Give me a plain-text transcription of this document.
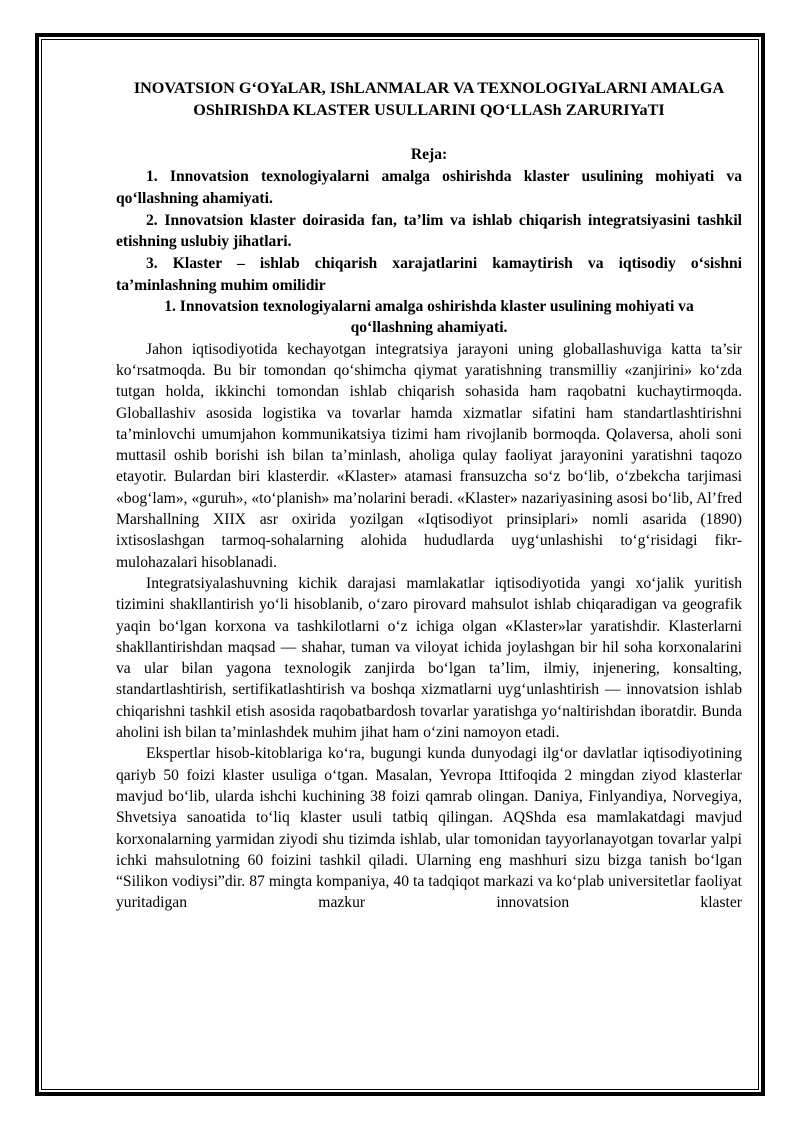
INOVATSION G‘OYaLAR, IShLANMALAR VA TEXNOLOGIYaLARNI AMALGA OShIRIShDA KLASTER USULLARINI QO‘LLASh ZARURIYaTI
Reja:
1. Innovatsion texnologiyalarni amalga oshirishda klaster usulining mohiyati va qo‘llashning ahamiyati.
2. Innovatsion klaster doirasida fan, ta’lim va ishlab chiqarish integratsiyasini tashkil etishning uslubiy jihatlari.
3. Klaster – ishlab chiqarish xarajatlarini kamaytirish va iqtisodiy o‘sishni ta’minlashning muhim omilidir
1. Innovatsion texnologiyalarni amalga oshirishda klaster usulining mohiyati va qo‘llashning ahamiyati.
Jahon iqtisodiyotida kechayotgan integratsiya jarayoni uning globallashuviga katta ta’sir ko‘rsatmoqda. Bu bir tomondan qo‘shimcha qiymat yaratishning transmilliy «zanjirini» ko‘zda tutgan holda, ikkinchi tomondan ishlab chiqarish sohasida ham raqobatni kuchaytirmoqda. Globallashiv asosida logistika va tovarlar hamda xizmatlar sifatini ham standartlashtirishni ta’minlovchi umumjahon kommunikatsiya tizimi ham rivojlanib bormoqda. Qolaversa, aholi soni muttasil oshib borishi ish bilan ta’minlash, aholiga qulay faoliyat jarayonini yaratishni taqozo etayotir. Bulardan biri klasterdir. «Klaster» atamasi fransuzcha so‘z bo‘lib, o‘zbekcha tarjimasi «bog‘lam», «guruh», «to‘planish» ma’nolarini beradi. «Klaster» nazariyasining asosi bo‘lib, Al’fred Marshallning XIIX asr oxirida yozilgan «Iqtisodiyot prinsiplari» nomli asarida (1890) ixtisoslashgan tarmoq-sohalarning alohida hududlarda uyg‘unlashishi to‘g‘risidagi fikr-mulohazalari hisoblanadi.
Integratsiyalashuvning kichik darajasi mamlakatlar iqtisodiyotida yangi xo‘jalik yuritish tizimini shakllantirish yo‘li hisoblanib, o‘zaro pirovard mahsulot ishlab chiqaradigan va geografik yaqin bo‘lgan korxona va tashkilotlarni o‘z ichiga olgan «Klaster»lar yaratishdir. Klasterlarni shakllantirishdan maqsad — shahar, tuman va viloyat ichida joylashgan bir hil soha korxonalarini va ular bilan yagona texnologik zanjirda bo‘lgan ta’lim, ilmiy, injenering, konsalting, standartlashtirish, sertifikatlashtirish va boshqa xizmatlarni uyg‘unlashtirish — innovatsion ishlab chiqarishni tashkil etish asosida raqobatbardosh tovarlar yaratishga yo‘naltirishdan iboratdir. Bunda aholini ish bilan ta’minlashdek muhim jihat ham o‘zini namoyon etadi.
Ekspertlar hisob-kitoblariga ko‘ra, bugungi kunda dunyodagi ilg‘or davlatlar iqtisodiyotining qariyb 50 foizi klaster usuliga o‘tgan. Masalan, Yevropa Ittifoqida 2 mingdan ziyod klasterlar mavjud bo‘lib, ularda ishchi kuchining 38 foizi qamrab olingan. Daniya, Finlyandiya, Norvegiya, Shvetsiya sanoatida to‘liq klaster usuli tatbiq qilingan. AQShda esa mamlakatdagi mavjud korxonalarning yarmidan ziyodi shu tizimda ishlab, ular tomonidan tayyorlanayotgan tovarlar yalpi ichki mahsulotning 60 foizini tashkil qiladi. Ularning eng mashhuri sizu bizga tanish bo‘lgan “Silikon vodiysi”dir. 87 mingta kompaniya, 40 ta tadqiqot markazi va ko‘plab universitetlar faoliyat yuritadigan mazkur innovatsion klaster
